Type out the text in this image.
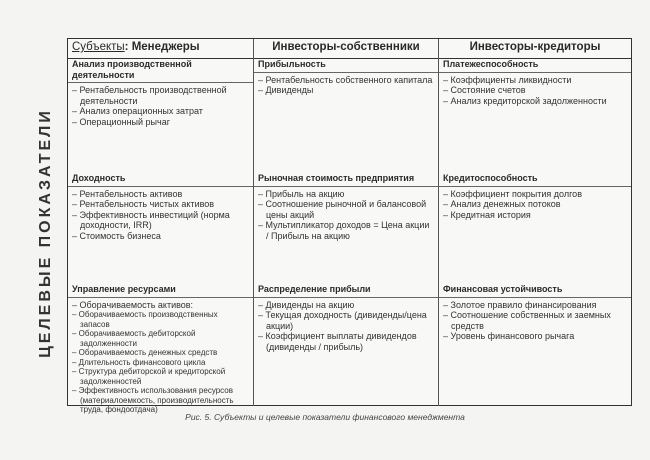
ЦЕЛЕВЫЕ ПОКАЗАТЕЛИ
Субъекты: Менеджеры	Инвесторы-собственники	Инвесторы-кредиторы
Анализ производственной деятельности
– Рентабельность производственной деятельности
– Анализ операционных затрат
– Операционный рычаг
Прибыльность
– Рентабельность собственного капитала
– Дивиденды
Платежеспособность
– Коэффициенты ликвидности
– Состояние счетов
– Анализ кредиторской задолженности
Доходность
– Рентабельность активов
– Рентабельность чистых активов
– Эффективность инвестиций (норма доходности, IRR)
– Стоимость бизнеса
Рыночная стоимость предприятия
– Прибыль на акцию
– Соотношение рыночной и балансовой цены акций
– Мультипликатор доходов = Цена акции / Прибыль на акцию
Кредитоспособность
– Коэффициент покрытия долгов
– Анализ денежных потоков
– Кредитная история
Управление ресурсами
– Оборачиваемость активов:
– Оборачиваемость производственных запасов
– Оборачиваемость дебиторской задолженности
– Оборачиваемость денежных средств
– Длительность финансового цикла
– Структура дебиторской и кредиторской задолженностей
– Эффективность использования ресурсов (материалоемкость, производительность труда, фондоотдача)
Распределение прибыли
– Дивиденды на акцию
– Текущая доходность (дивиденды/цена акции)
– Коэффициент выплаты дивидендов (дивиденды / прибыль)
Финансовая устойчивость
– Золотое правило финансирования
– Соотношение собственных и заемных средств
– Уровень финансового рычага
Рис. 5. Субъекты и целевые показатели финансового менеджмента
